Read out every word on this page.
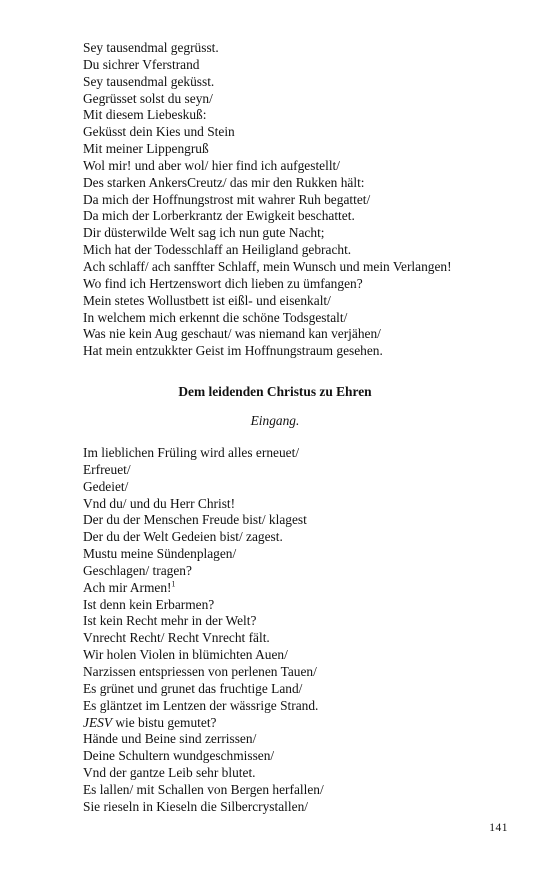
Sey tausendmal gegrüsst.
Du sichrer Vferstrand
Sey tausendmal geküsst.
Gegrüsset solst du seyn/
Mit diesem Liebeskuß:
Geküsst dein Kies und Stein
Mit meiner Lippengruß
Wol mir! und aber wol/ hier find ich aufgestellt/
Des starken AnkersCreutz/ das mir den Rukken hält:
Da mich der Hoffnungstrost mit wahrer Ruh begattet/
Da mich der Lorberkrantz der Ewigkeit beschattet.
Dir düsterwilde Welt sag ich nun gute Nacht;
Mich hat der Todesschlaff an Heiligland gebracht.
Ach schlaff/ ach sanffter Schlaff, mein Wunsch und mein Verlangen!
Wo find ich Hertzenswort dich lieben zu ümfangen?
Mein stetes Wollustbett ist eißl- und eisenkalt/
In welchem mich erkennt die schöne Todsgestalt/
Was nie kein Aug geschaut/ was niemand kan verjähen/
Hat mein entzukkter Geist im Hoffnungstraum gesehen.
Dem leidenden Christus zu Ehren
Eingang.
Im lieblichen Früling wird alles erneuet/
Erfreuet/
Gedeiet/
Vnd du/ und du Herr Christ!
Der du der Menschen Freude bist/ klagest
Der du der Welt Gedeien bist/ zagest.
Mustu meine Sündenplagen/
Geschlagen/ tragen?
Ach mir Armen!$^1$
Ist denn kein Erbarmen?
Ist kein Recht mehr in der Welt?
Vnrecht Recht/ Recht Vnrecht fält.
Wir holen Violen in blümichten Auen/
Narzissen entspriessen von perlenen Tauen/
Es grünet und grunet das fruchtige Land/
Es gläntzet im Lentzen der wässrige Strand.
JESV wie bistu gemutet?
Hände und Beine sind zerrissen/
Deine Schultern wundgeschmissen/
Vnd der gantze Leib sehr blutet.
Es lallen/ mit Schallen von Bergen herfallen/
Sie rieseln in Kieseln die Silbercrystallen/
141
